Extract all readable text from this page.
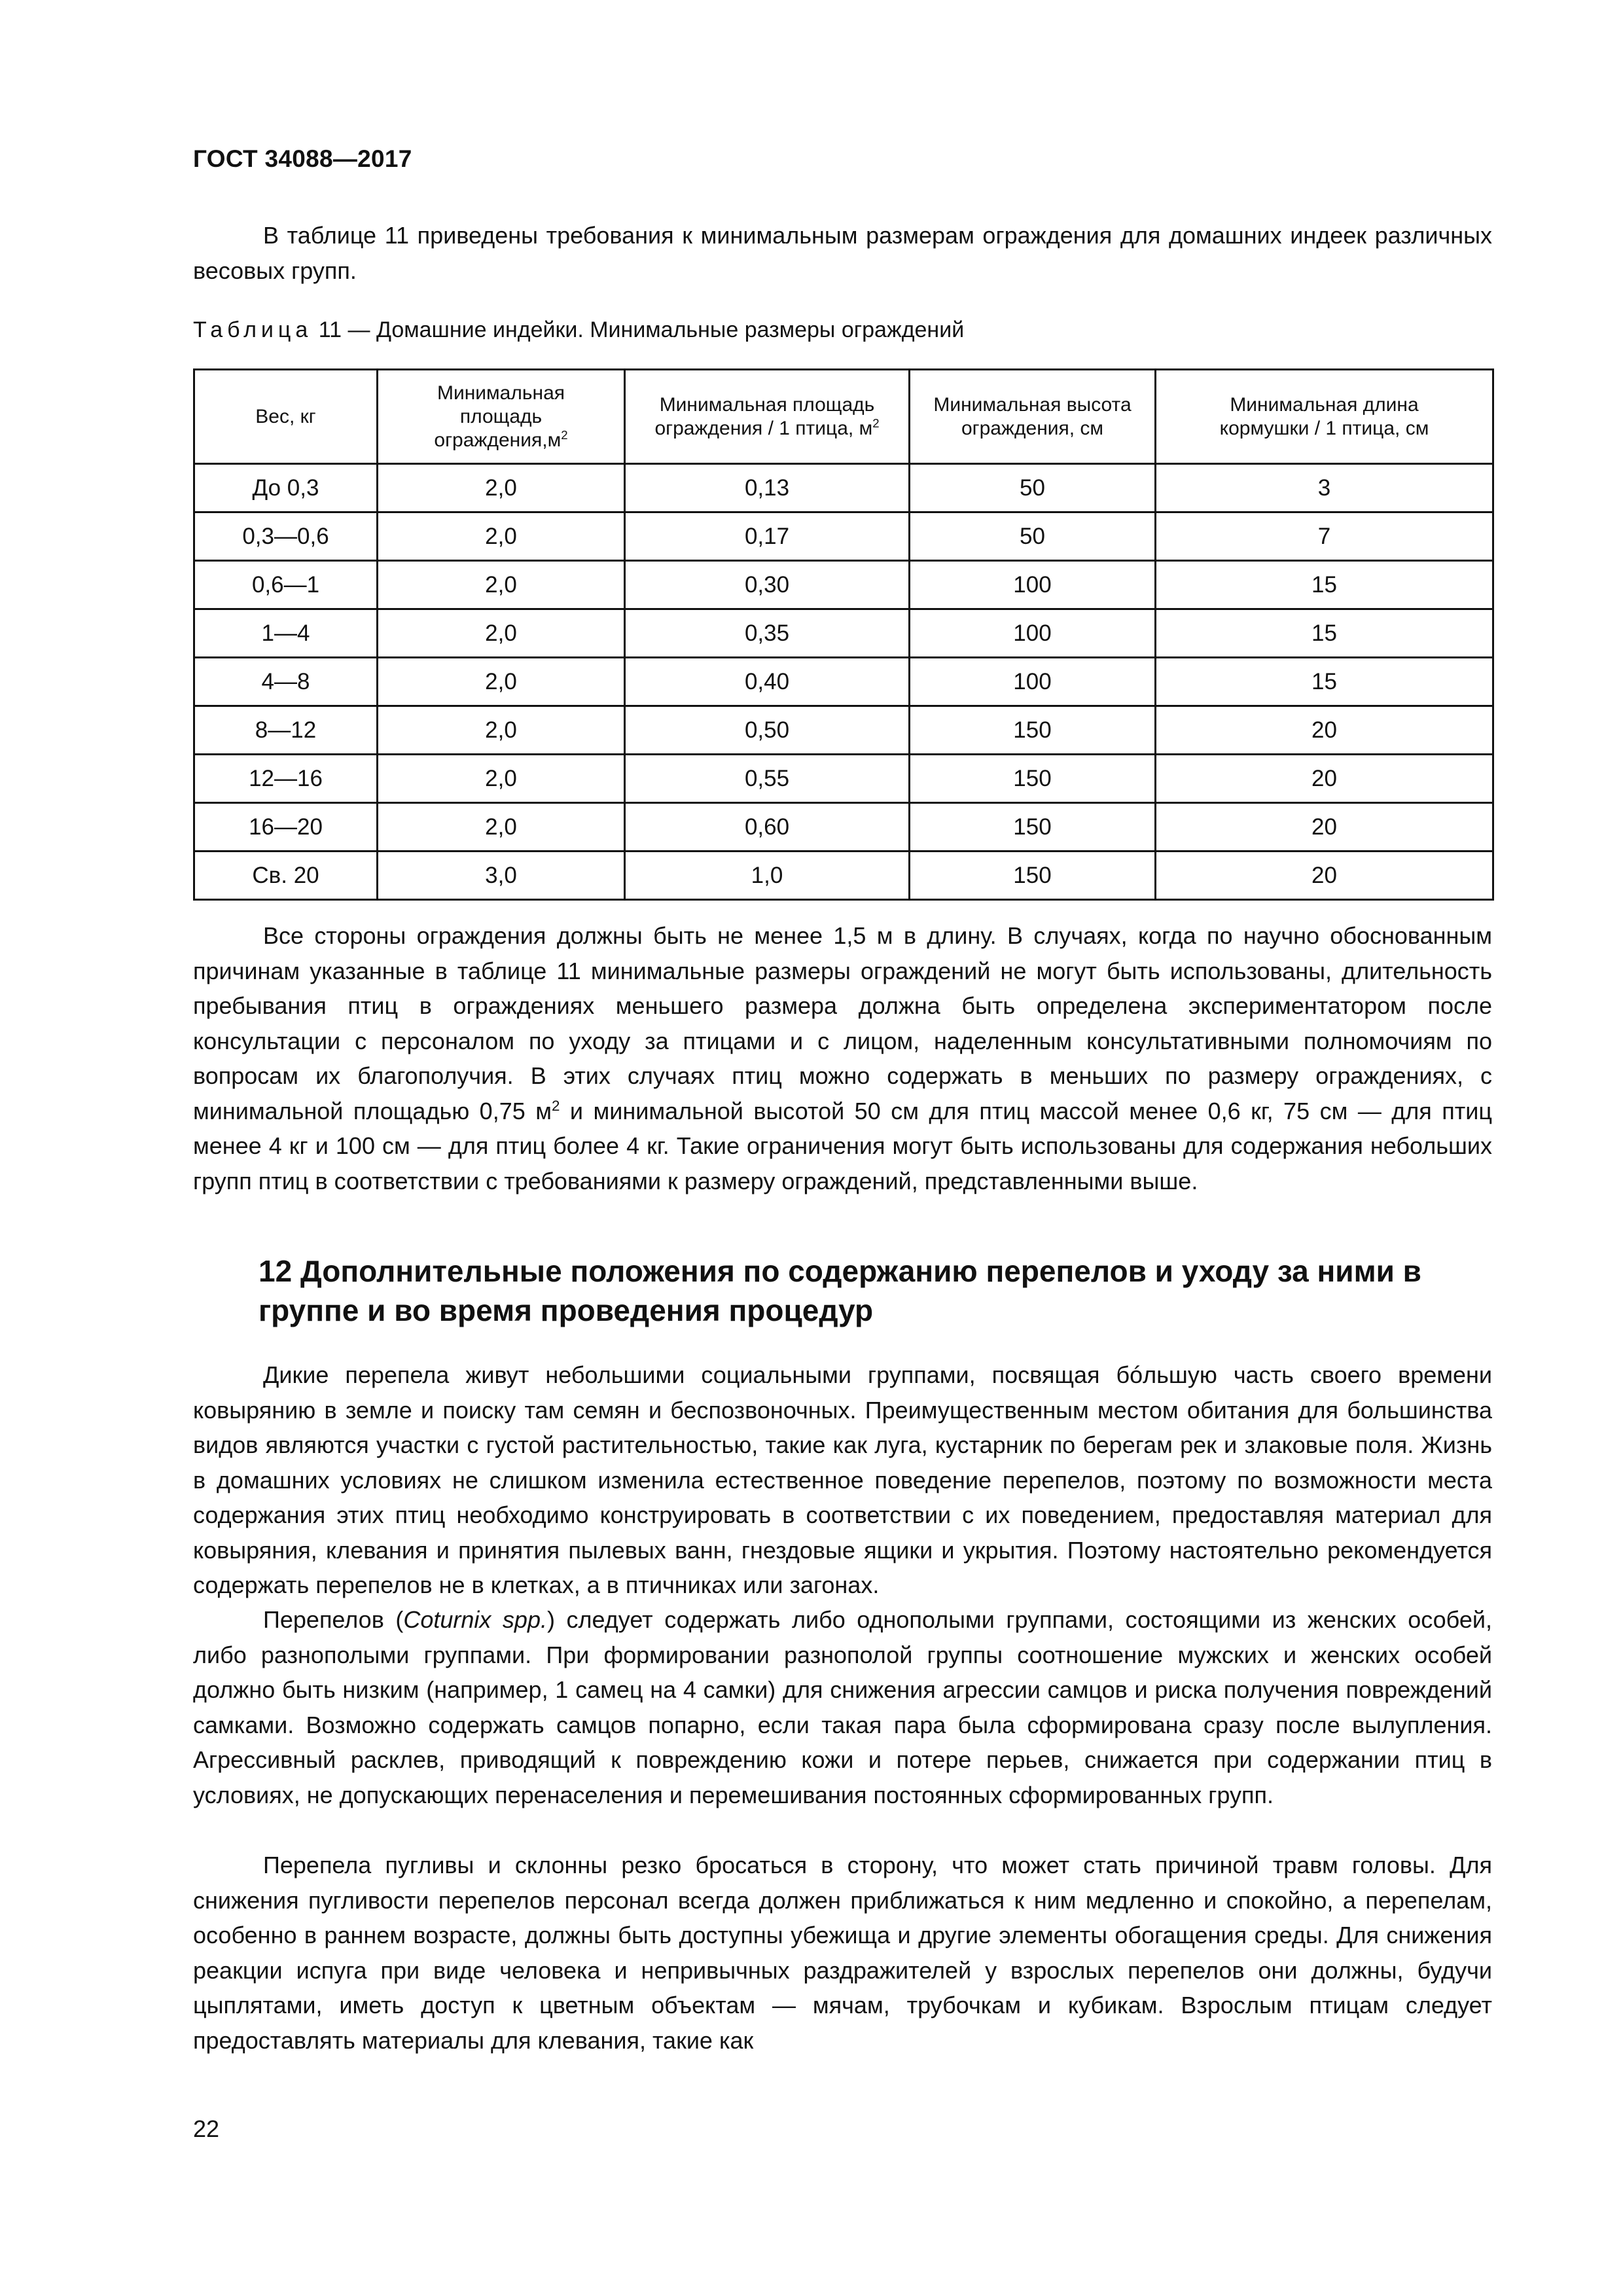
ГОСТ 34088—2017

В таблице 11 приведены требования к минимальным размерам ограждения для домашних индеек различных весовых групп.

Таблица 11 — Домашние индейки. Минимальные размеры ограждений
Вес, кг	Минимальная площадь $ограждения,м^2$	Минимальная площадь ограждения / 1 птица, $м^2$	Минимальная высота ограждения, см	Минимальная длина кормушки / 1 птица, см

До 0,3	2,0	0,13	50	3
0,3—0,6	2,0	0,17	50	7
0,6—1	2,0	0,30	100	15
1—4	2,0	0,35	100	15
4—8	2,0	0,40	100	15
8—12	2,0	0,50	150	20
12—16	2,0	0,55	150	20
16—20	2,0	0,60	150	20
Св. 20	3,0	1,0	150	20

Все стороны ограждения должны быть не менее 1,5 м в длину. В случаях, когда по научно обоснованным причинам указанные в таблице 11 минимальные размеры ограждений не могут быть использованы, длительность пребывания птиц в ограждениях меньшего размера должна быть определена экспериментатором после консультации с персоналом по уходу за птицами и с лицом, наделенным консультативными полномочиям по вопросам их благополучия. В этих случаях птиц можно содержать в меньших по размеру ограждениях, с минимальной площадью 0,75 $м^2$ и минимальной высотой 50 см для птиц массой менее 0,6 кг, 75 см — для птиц менее 4 кг и 100 см — для птиц более 4 кг. Такие ограничения могут быть использованы для содержания небольших групп птиц в соответствии с требованиями к размеру ограждений, представленными выше.

12 Дополнительные положения по содержанию перепелов и уходу за ними в группе и во время проведения процедур

Дикие перепела живут небольшими социальными группами, посвящая бóльшую часть своего времени ковырянию в земле и поиску там семян и беспозвоночных. Преимущественным местом обитания для большинства видов являются участки с густой растительностью, такие как луга, кустарник по берегам рек и злаковые поля. Жизнь в домашних условиях не слишком изменила естественное поведение перепелов, поэтому по возможности места содержания этих птиц необходимо конструировать в соответствии с их поведением, предоставляя материал для ковыряния, клевания и принятия пылевых ванн, гнездовые ящики и укрытия. Поэтому настоятельно рекомендуется содержать перепелов не в клетках, а в птичниках или загонах.

Перепелов (Coturnix spp.) следует содержать либо однополыми группами, состоящими из женских особей, либо разнополыми группами. При формировании разнополой группы соотношение мужских и женских особей должно быть низким (например, 1 самец на 4 самки) для снижения агрессии самцов и риска получения повреждений самками. Возможно содержать самцов попарно, если такая пара была сформирована сразу после вылупления. Агрессивный расклев, приводящий к повреждению кожи и потере перьев, снижается при содержании птиц в условиях, не допускающих перенаселения и перемешивания постоянных сформированных групп.

Перепела пугливы и склонны резко бросаться в сторону, что может стать причиной травм головы. Для снижения пугливости перепелов персонал всегда должен приближаться к ним медленно и спокойно, а перепелам, особенно в раннем возрасте, должны быть доступны убежища и другие элементы обогащения среды. Для снижения реакции испуга при виде человека и непривычных раздражителей у взрослых перепелов они должны, будучи цыплятами, иметь доступ к цветным объектам — мячам, трубочкам и кубикам. Взрослым птицам следует предоставлять материалы для клевания, такие как

22
